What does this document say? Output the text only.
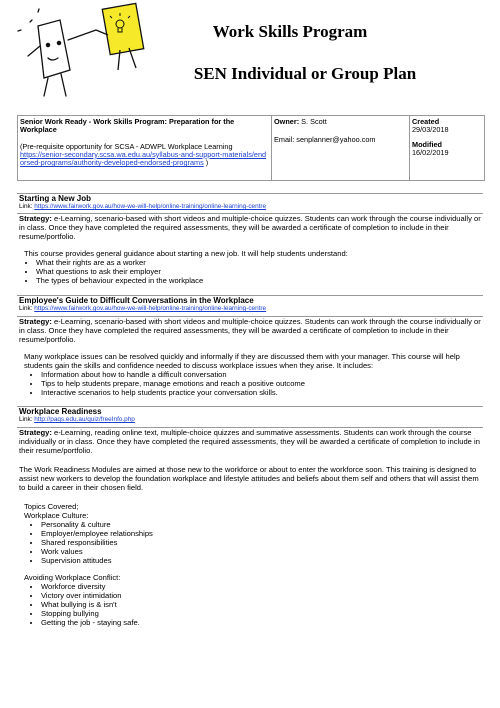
Work Skills Program
SEN Individual or Group Plan
Senior Work Ready - Work Skills Program: Preparation for the Workplace
(Pre-requisite opportunity for SCSA - ADWPL Workplace Learning
https://senior-secondary.scsa.wa.edu.au/syllabus-and-support-materials/endorsed-programs/authority-developed-endorsed-programs )
Owner: S. Scott
Email: senplanner@yahoo.com
Created
29/03/2018
Modified
16/02/2019
Starting a New Job
Link: https://www.fairwork.gov.au/how-we-will-help/online-training/online-learning-centre
Strategy: e-Learning, scenario-based with short videos and multiple-choice quizzes. Students can work through the course individually or in class. Once they have completed the required assessments, they will be awarded a certificate of completion to include in their resume/portfolio.
This course provides general guidance about starting a new job. It will help students understand:
• What their rights are as a worker
• What questions to ask their employer
• The types of behaviour expected in the workplace
Employee's Guide to Difficult Conversations in the Workplace
Link: https://www.fairwork.gov.au/how-we-will-help/online-training/online-learning-centre
Strategy: e-Learning, scenario-based with short videos and multiple-choice quizzes. Students can work through the course individually or in class. Once they have completed the required assessments, they will be awarded a certificate of completion to include in their resume/portfolio.
Many workplace issues can be resolved quickly and informally if they are discussed them with your manager. This course will help students gain the skills and confidence needed to discuss workplace issues when they arise. It includes:
• Information about how to handle a difficult conversation
• Tips to help students prepare, manage emotions and reach a positive outcome
• Interactive scenarios to help students practice your conversation skills.
Workplace Readiness
Link: http://paqs.edu.au/quiz/freeInfo.php
Strategy: e-Learning, reading online text, multiple-choice quizzes and summative assessments. Students can work through the course individually or in class. Once they have completed the required assessments, they will be awarded a certificate of completion to include in their resume/portfolio.
The Work Readiness Modules are aimed at those new to the workforce or about to enter the workforce soon. This training is designed to assist new workers to develop the foundation workplace and lifestyle attitudes and beliefs about them self and others that will assist them to build a career in their chosen field.
Topics Covered;
Workplace Culture:
• Personality & culture
• Employer/employee relationships
• Shared responsibilities
• Work values
• Supervision attitudes
Avoiding Workplace Conflict:
• Workforce diversity
• Victory over intimidation
• What bullying is & isn't
• Stopping bullying
• Getting the job - staying safe.
